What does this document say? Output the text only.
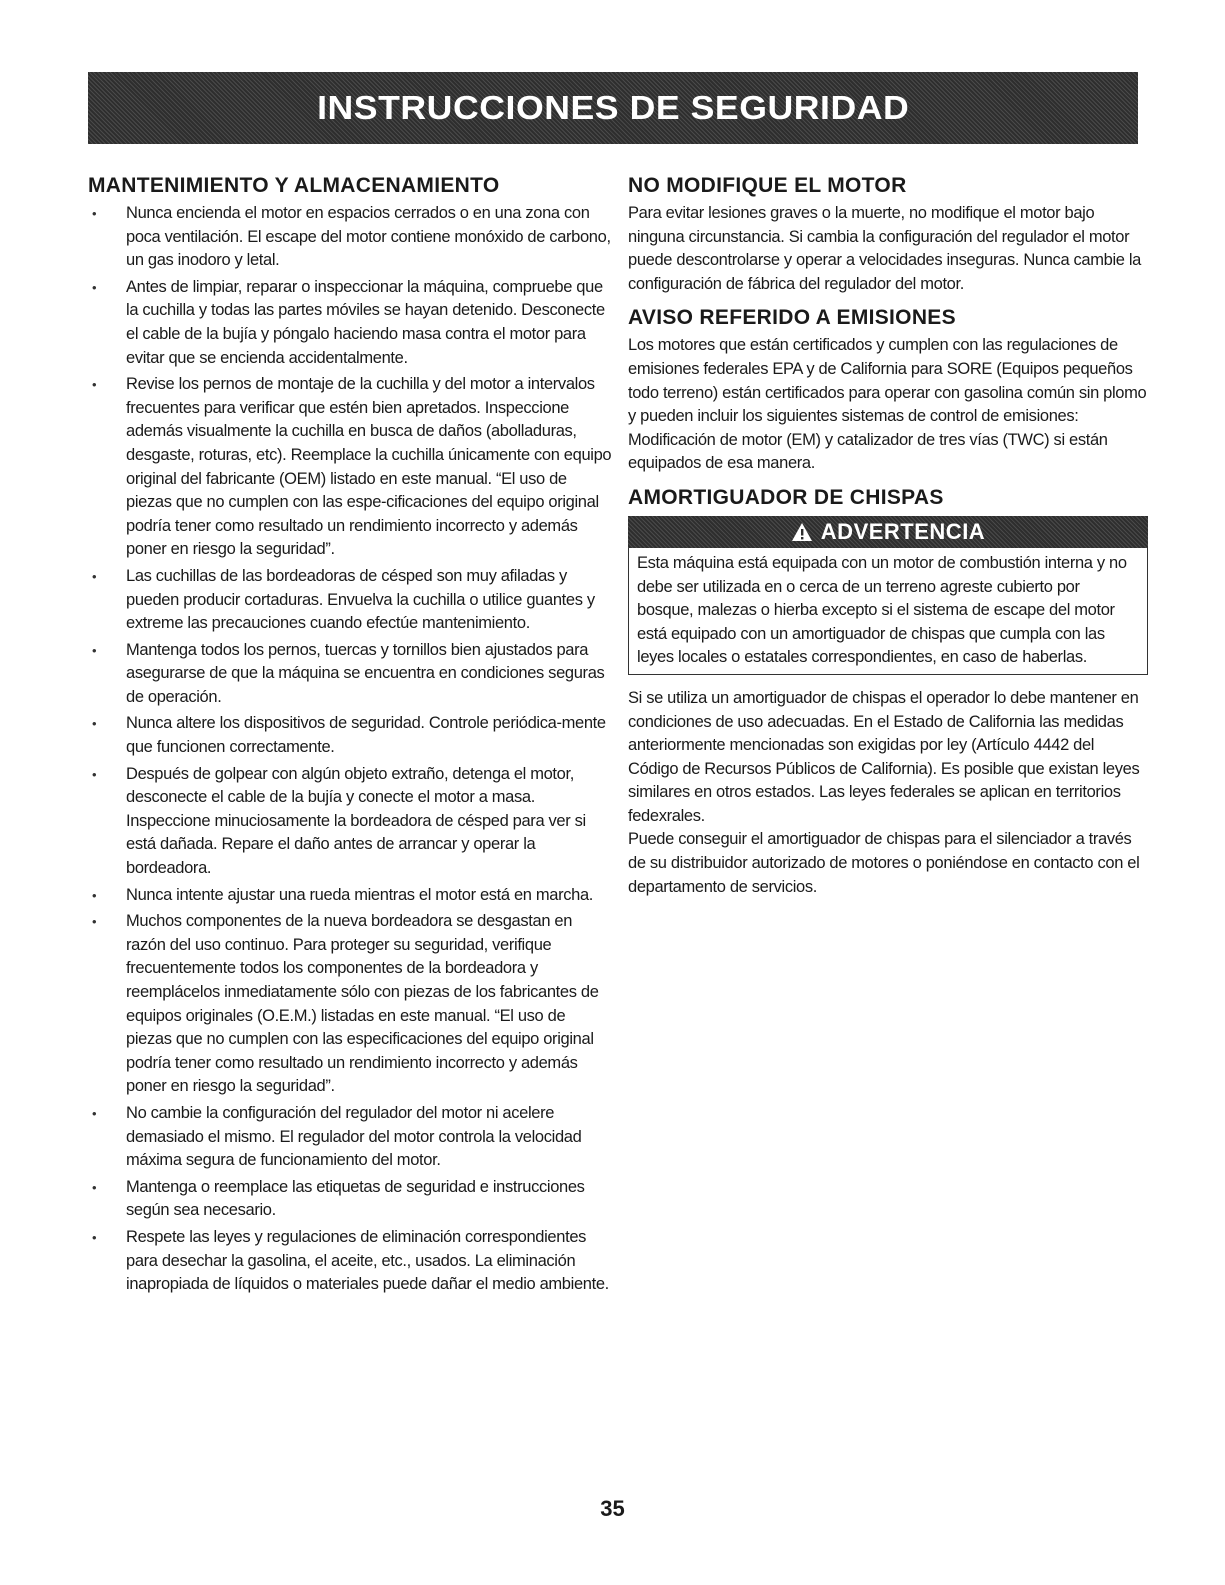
INSTRUCCIONES DE SEGURIDAD
MANTENIMIENTO Y ALMACENAMIENTO
• Nunca encienda el motor en espacios cerrados o en una zona con poca ventilación. El escape del motor contiene monóxido de carbono, un gas inodoro y letal.
• Antes de limpiar, reparar o inspeccionar la máquina, compruebe que la cuchilla y todas las partes móviles se hayan detenido. Desconecte el cable de la bujía y póngalo haciendo masa contra el motor para evitar que se encienda accidentalmente.
• Revise los pernos de montaje de la cuchilla y del motor a intervalos frecuentes para verificar que estén bien apretados. Inspeccione además visualmente la cuchilla en busca de daños (abolladuras, desgaste, roturas, etc). Reemplace la cuchilla únicamente con equipo original del fabricante (OEM) listado en este manual. “El uso de piezas que no cumplen con las espe-cificaciones del equipo original podría tener como resultado un rendimiento incorrecto y además poner en riesgo la seguridad”.
• Las cuchillas de las bordeadoras de césped son muy afiladas y pueden producir cortaduras. Envuelva la cuchilla o utilice guantes y extreme las precauciones cuando efectúe mantenimiento.
• Mantenga todos los pernos, tuercas y tornillos bien ajustados para asegurarse de que la máquina se encuentra en condiciones seguras de operación.
• Nunca altere los dispositivos de seguridad. Controle periódica-mente que funcionen correctamente.
• Después de golpear con algún objeto extraño, detenga el motor, desconecte el cable de la bujía y conecte el motor a masa. Inspeccione minuciosamente la bordeadora de césped para ver si está dañada. Repare el daño antes de arrancar y operar la bordeadora.
• Nunca intente ajustar una rueda mientras el motor está en marcha.
• Muchos componentes de la nueva bordeadora se desgastan en razón del uso continuo. Para proteger su seguridad, verifique frecuentemente todos los componentes de la bordeadora y reemplácelos inmediatamente sólo con piezas de los fabricantes de equipos originales (O.E.M.) listadas en este manual. “El uso de piezas que no cumplen con las especificaciones del equipo original podría tener como resultado un rendimiento incorrecto y además poner en riesgo la seguridad”.
• No cambie la configuración del regulador del motor ni acelere demasiado el mismo. El regulador del motor controla la velocidad máxima segura de funcionamiento del motor.
• Mantenga o reemplace las etiquetas de seguridad e instrucciones según sea necesario.
• Respete las leyes y regulaciones de eliminación correspondientes para desechar la gasolina, el aceite, etc., usados. La eliminación inapropiada de líquidos o materiales puede dañar el medio ambiente.
NO MODIFIQUE EL MOTOR

Para evitar lesiones graves o la muerte, no modifique el motor bajo ninguna circunstancia. Si cambia la configuración del regulador el motor puede descontrolarse y operar a velocidades inseguras. Nunca cambie la configuración de fábrica del regulador del motor.

AVISO REFERIDO A EMISIONES

Los motores que están certificados y cumplen con las regulaciones de emisiones federales EPA y de California para SORE (Equipos pequeños todo terreno) están certificados para operar con gasolina común sin plomo y pueden incluir los siguientes sistemas de control de emisiones: Modificación de motor (EM) y catalizador de tres vías (TWC) si están equipados de esa manera.

AMORTIGUADOR DE CHISPAS
ADVERTENCIA

Esta máquina está equipada con un motor de combustión interna y no debe ser utilizada en o cerca de un terreno agreste cubierto por bosque, malezas o hierba excepto si el sistema de escape del motor está equipado con un amortiguador de chispas que cumpla con las leyes locales o estatales correspondientes, en caso de haberlas.

Si se utiliza un amortiguador de chispas el operador lo debe mantener en condiciones de uso adecuadas. En el Estado de California las medidas anteriormente mencionadas son exigidas por ley (Artículo 4442 del Código de Recursos Públicos de California). Es posible que existan leyes similares en otros estados. Las leyes federales se aplican en territorios fedexrales.

Puede conseguir el amortiguador de chispas para el silenciador a través de su distribuidor autorizado de motores o poniéndose en contacto con el departamento de servicios.

35
